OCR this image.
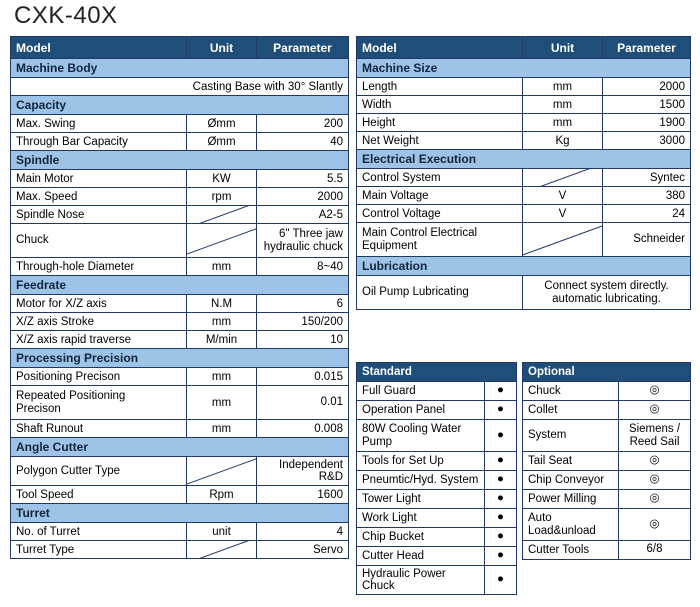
CXK-40X
Model	Unit	Parameter
Machine Body		
Casting Base with 30° Slantly		
Capacity		
Max. Swing	Ømm	200
Through Bar Capacity	Ømm	40
Spindle		
Main Motor	KW	5.5
Max. Speed	rpm	2000
Spindle Nose		A2-5
Chuck		6" Three jaw
hydraulic chuck
Through-hole Diameter	mm	8~40
Feedrate		
Motor for X/Z axis	N.M	6
X/Z axis Stroke	mm	150/200
X/Z axis rapid traverse	M/min	10
Processing Precision		
Positioning Precison	mm	0.015
Repeated Positioning
Precison	mm	0.01
Shaft Runout	mm	0.008
Angle Cutter		
Polygon Cutter Type		Independent R&D
Tool Speed	Rpm	1600
Turret		
No. of Turret	unit	4
Turret Type		Servo
Model	Unit	Parameter
Machine Size		
Length	mm	2000
Width	mm	1500
Height	mm	1900
Net Weight	Kg	3000
Electrical Execution		
Control System		Syntec
Main Voltage	V	380
Control Voltage	V	24
Main Control Electrical
Equipment		Schneider
Lubrication		
Oil Pump Lubricating	Connect system directly.
automatic lubricating.	
Standard	
Full Guard	●
Operation Panel	●
80W Cooling Water
Pump	●
Tools for Set Up	●
Pneumtic/Hyd. System	●
Tower Light	●
Work Light	●
Chip Bucket	●
Cutter Head	●
Hydraulic Power Chuck	●
Optional	
Chuck	◎
Collet	◎
System	Siemens /
Reed Sail
Tail Seat	◎
Chip Conveyor	◎
Power Milling	◎
Auto
Load&unload	◎
Cutter Tools	6/8
